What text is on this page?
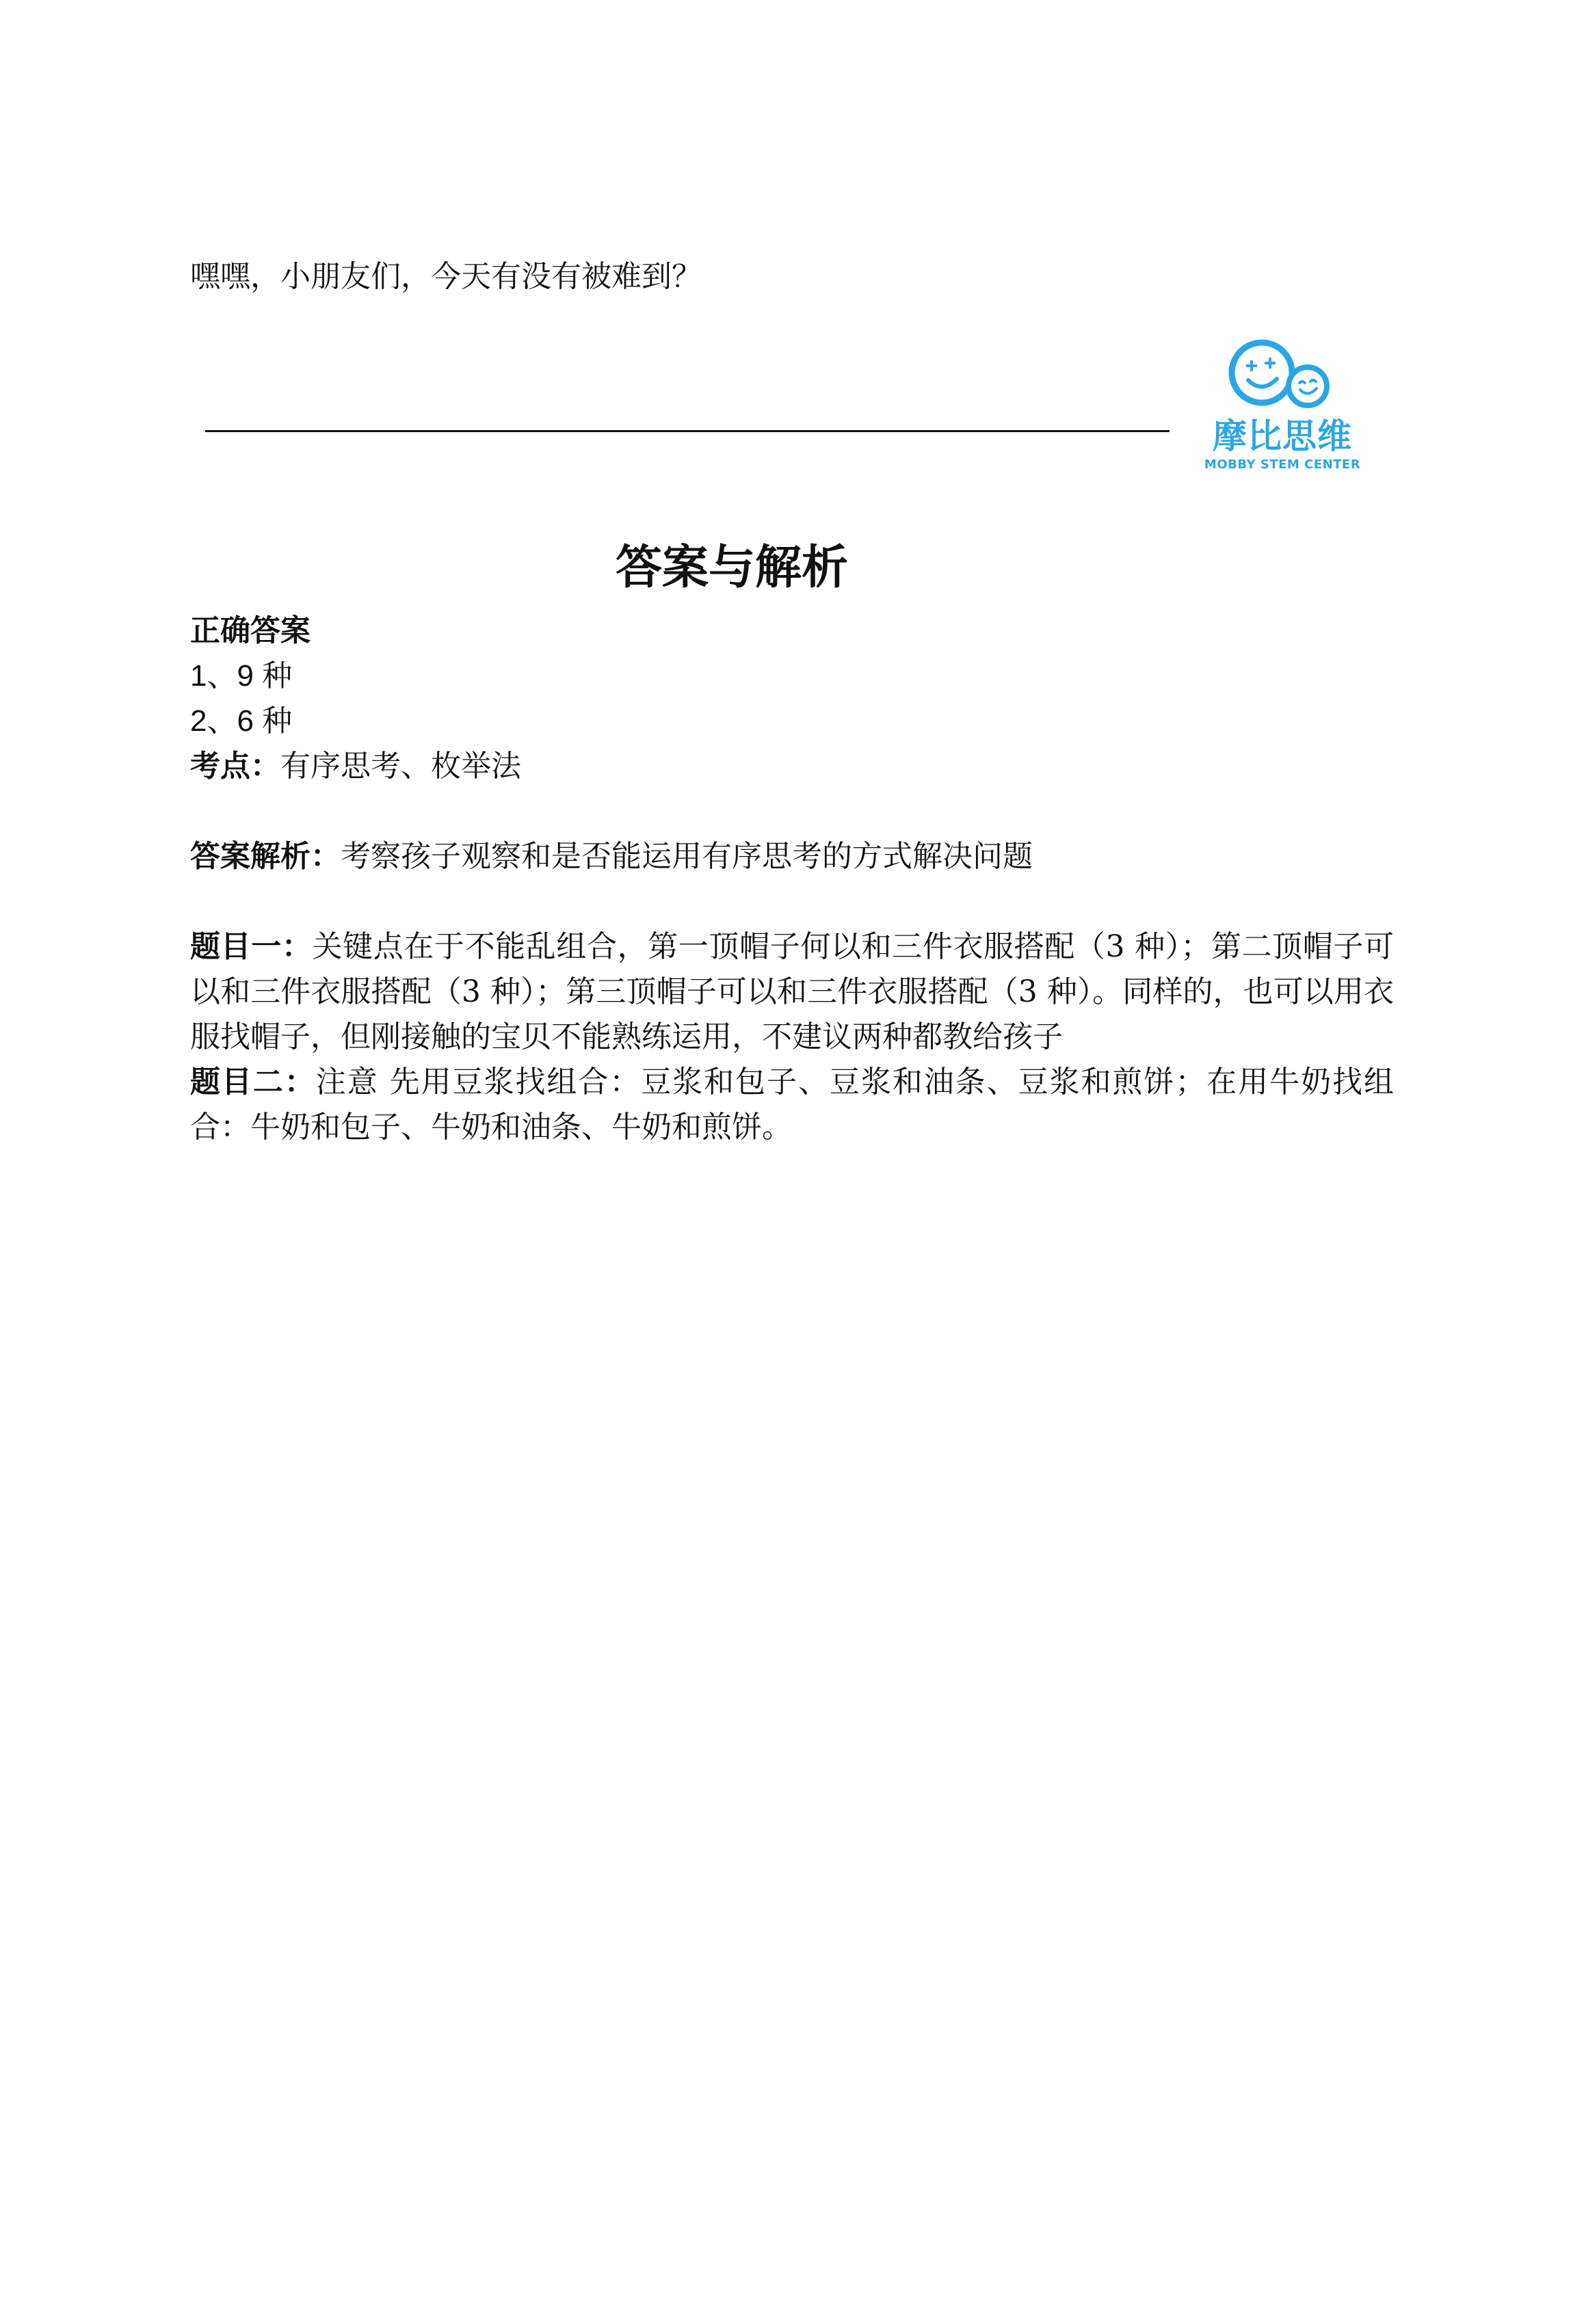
嘿嘿，小朋友们，今天有没有被难到？
摩比思维
MOBBY STEM CENTER
答案与解析

正确答案

1、9 种

2、6 种

考点：有序思考、枚举法

答案解析：考察孩子观察和是否能运用有序思考的方式解决问题

题目一：关键点在于不能乱组合，第一顶帽子何以和三件衣服搭配（3 种）；第二顶帽子可以和三件衣服搭配（3 种）；第三顶帽子可以和三件衣服搭配（3 种）。同样的，也可以用衣服找帽子，但刚接触的宝贝不能熟练运用，不建议两种都教给孩子

题目二：注意 先用豆浆找组合：豆浆和包子、豆浆和油条、豆浆和煎饼；在用牛奶找组合：牛奶和包子、牛奶和油条、牛奶和煎饼。
